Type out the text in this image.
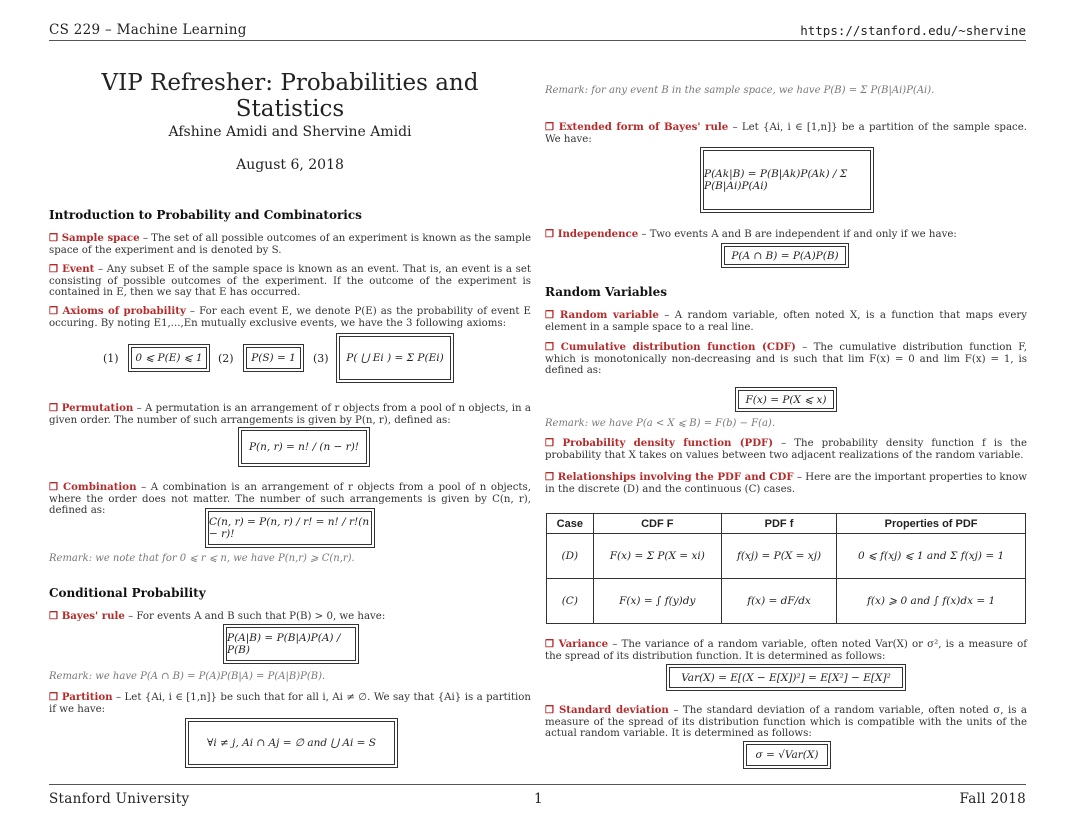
CS 229 – Machine Learning	https://stanford.edu/~shervine
VIP Refresher: Probabilities and Statistics
Afshine Amidi and Shervine Amidi
August 6, 2018
Introduction to Probability and Combinatorics
❒ Sample space – The set of all possible outcomes of an experiment is known as the sample space of the experiment and is denoted by S.
❒ Event – Any subset E of the sample space is known as an event. That is, an event is a set consisting of possible outcomes of the experiment. If the outcome of the experiment is contained in E, then we say that E has occurred.
❒ Axioms of probability – For each event E, we denote P(E) as the probability of event E occuring. By noting E1,...,En mutually exclusive events, we have the 3 following axioms:
(1)	0 ⩽ P(E) ⩽ 1	(2)	P(S) = 1	(3)	P( ⋃ Ei ) = Σ P(Ei)
❒ Permutation – A permutation is an arrangement of r objects from a pool of n objects, in a given order. The number of such arrangements is given by P(n, r), defined as:
P(n, r) = n! / (n − r)!
❒ Combination – A combination is an arrangement of r objects from a pool of n objects, where the order does not matter. The number of such arrangements is given by C(n, r), defined as:
C(n, r) = P(n, r) / r! = n! / r!(n − r)!
Remark: we note that for 0 ⩽ r ⩽ n, we have P(n,r) ⩾ C(n,r).
Conditional Probability
❒ Bayes' rule – For events A and B such that P(B) > 0, we have:
P(A|B) = P(B|A)P(A) / P(B)
Remark: we have P(A ∩ B) = P(A)P(B|A) = P(A|B)P(B).
❒ Partition – Let {Ai, i ∈ [1,n]} be such that for all i, Ai ≠ ∅. We say that {Ai} is a partition if we have:
∀i ≠ j, Ai ∩ Aj = ∅ and ⋃ Ai = S
Remark: for any event B in the sample space, we have P(B) = Σ P(B|Ai)P(Ai).
❒ Extended form of Bayes' rule – Let {Ai, i ∈ [1,n]} be a partition of the sample space. We have:
P(Ak|B) = P(B|Ak)P(Ak) / Σ P(B|Ai)P(Ai)
❒ Independence – Two events A and B are independent if and only if we have:
P(A ∩ B) = P(A)P(B)
Random Variables
❒ Random variable – A random variable, often noted X, is a function that maps every element in a sample space to a real line.
❒ Cumulative distribution function (CDF) – The cumulative distribution function F, which is monotonically non-decreasing and is such that lim F(x) = 0 and lim F(x) = 1, is defined as:
F(x) = P(X ⩽ x)
Remark: we have P(a < X ⩽ B) = F(b) − F(a).
❒ Probability density function (PDF) – The probability density function f is the probability that X takes on values between two adjacent realizations of the random variable.
❒ Relationships involving the PDF and CDF – Here are the important properties to know in the discrete (D) and the continuous (C) cases.
Case	CDF F	PDF f	Properties of PDF
(D)	F(x) = Σ P(X = xi)	f(xj) = P(X = xj)	0 ⩽ f(xj) ⩽ 1 and Σ f(xj) = 1
(C)	F(x) = ∫ f(y)dy	f(x) = dF/dx	f(x) ⩾ 0 and ∫ f(x)dx = 1
❒ Variance – The variance of a random variable, often noted Var(X) or σ², is a measure of the spread of its distribution function. It is determined as follows:
Var(X) = E[(X − E[X])²] = E[X²] − E[X]²
❒ Standard deviation – The standard deviation of a random variable, often noted σ, is a measure of the spread of its distribution function which is compatible with the units of the actual random variable. It is determined as follows:
σ = √Var(X)
Stanford University	1	Fall 2018
